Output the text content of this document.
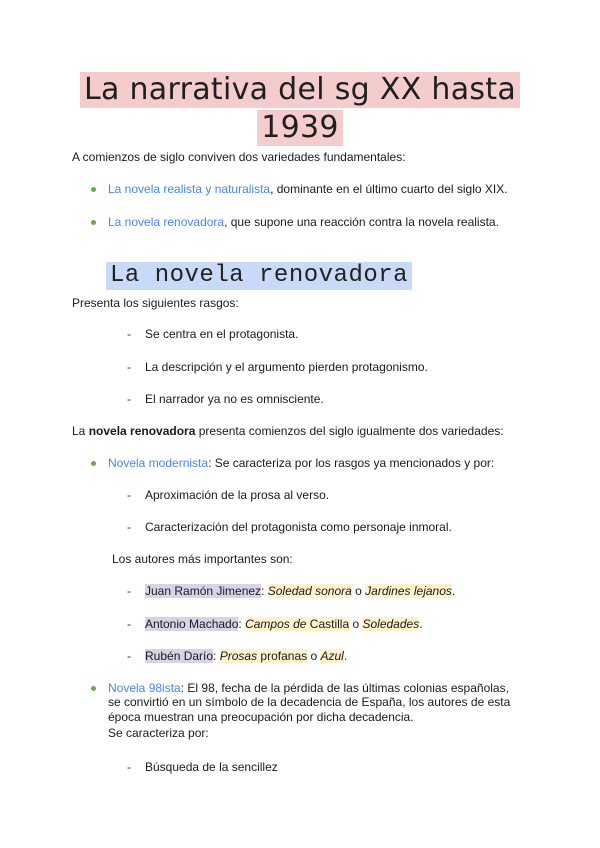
La narrativa del sg XX hasta
1939
A comienzos de siglo conviven dos variedades fundamentales:
La novela realista y naturalista, dominante en el último cuarto del siglo XIX.
La novela renovadora, que supone una reacción contra la novela realista.
La novela renovadora
Presenta los siguientes rasgos:
- Se centra en el protagonista.
- La descripción y el argumento pierden protagonismo.
- El narrador ya no es omnisciente.
La novela renovadora presenta comienzos del siglo igualmente dos variedades:
Novela modernista: Se caracteriza por los rasgos ya mencionados y por:
- Aproximación de la prosa al verso.
- Caracterización del protagonista como personaje inmoral.
Los autores más importantes son:
- Juan Ramón Jimenez: Soledad sonora o Jardines lejanos.
- Antonio Machado: Campos de Castilla o Soledades.
- Rubén Darío: Prosas profanas o Azul.
Novela 98ista: El 98, fecha de la pérdida de las últimas colonias españolas,
se convirtió en un símbolo de la decadencia de España, los autores de esta
época muestran una preocupación por dicha decadencia.
Se caracteriza por:
- Búsqueda de la sencillez
